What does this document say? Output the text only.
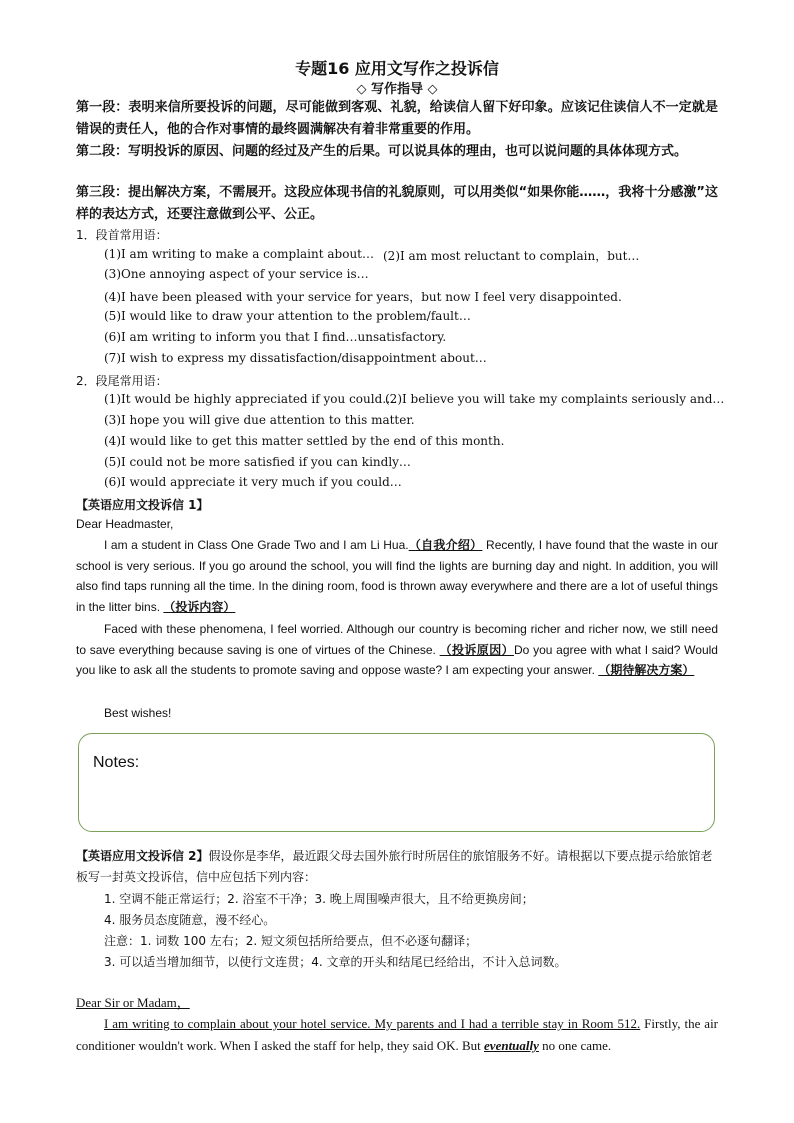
专题16 应用文写作之投诉信
◇ 写作指导 ◇
第一段：表明来信所要投诉的问题，尽可能做到客观、礼貌，给读信人留下好印象。应该记住读信人不一定就是错误的责任人，他的合作对事情的最终圆满解决有着非常重要的作用。
第二段：写明投诉的原因、问题的经过及产生的后果。可以说具体的理由，也可以说问题的具体体现方式。
第三段：提出解决方案，不需展开。这段应体现书信的礼貌原则，可以用类似“如果你能……，我将十分感激”这样的表达方式，还要注意做到公平、公正。
1．段首常用语：
(1)I am writing to make a complaint about… (2)I am most reluctant to complain，but…
(3)One annoying aspect of your service is…
(4)I have been pleased with your service for years，but now I feel very disappointed.
(5)I would like to draw your attention to the problem/fault…
(6)I am writing to inform you that I find…unsatisfactory.
(7)I wish to express my dissatisfaction/disappointment about…
2．段尾常用语：
(1)It would be highly appreciated if you could…
(2)I believe you will take my complaints seriously and…
(3)I hope you will give due attention to this matter.
(4)I would like to get this matter settled by the end of this month.
(5)I could not be more satisfied if you can kindly…
(6)I would appreciate it very much if you could…
【英语应用文投诉信 1】
Dear Headmaster,
I am a student in Class One Grade Two and I am Li Hua.（自我介绍） Recently, I have found that the waste in our school is very serious. If you go around the school, you will find the lights are burning day and night. In addition, you will also find taps running all the time. In the dining room, food is thrown away everywhere and there are a lot of useful things in the litter bins. （投诉内容）
Faced with these phenomena, I feel worried. Although our country is becoming richer and richer now, we still need to save everything because saving is one of virtues of the Chinese. （投诉原因）Do you agree with what I said? Would you like to ask all the students to promote saving and oppose waste? I am expecting your answer. （期待解决方案）
Best wishes!
Notes:
【英语应用文投诉信 2】假设你是李华，最近跟父母去国外旅行时所居住的旅馆服务不好。请根据以下要点提示给旅馆老板写一封英文投诉信，信中应包括下列内容：
1. 空调不能正常运行；2. 浴室不干净；3. 晚上周围噪声很大，且不给更换房间；
4. 服务员态度随意，漫不经心。
注意：1. 词数 100 左右；2. 短文须包括所给要点，但不必逐句翻译；
3. 可以适当增加细节，以使行文连贯；4. 文章的开头和结尾已经给出，不计入总词数。
Dear Sir or Madam，
I am writing to complain about your hotel service. My parents and I had a terrible stay in Room 512. Firstly, the air conditioner wouldn't work. When I asked the staff for help, they said OK. But eventually no one came.
